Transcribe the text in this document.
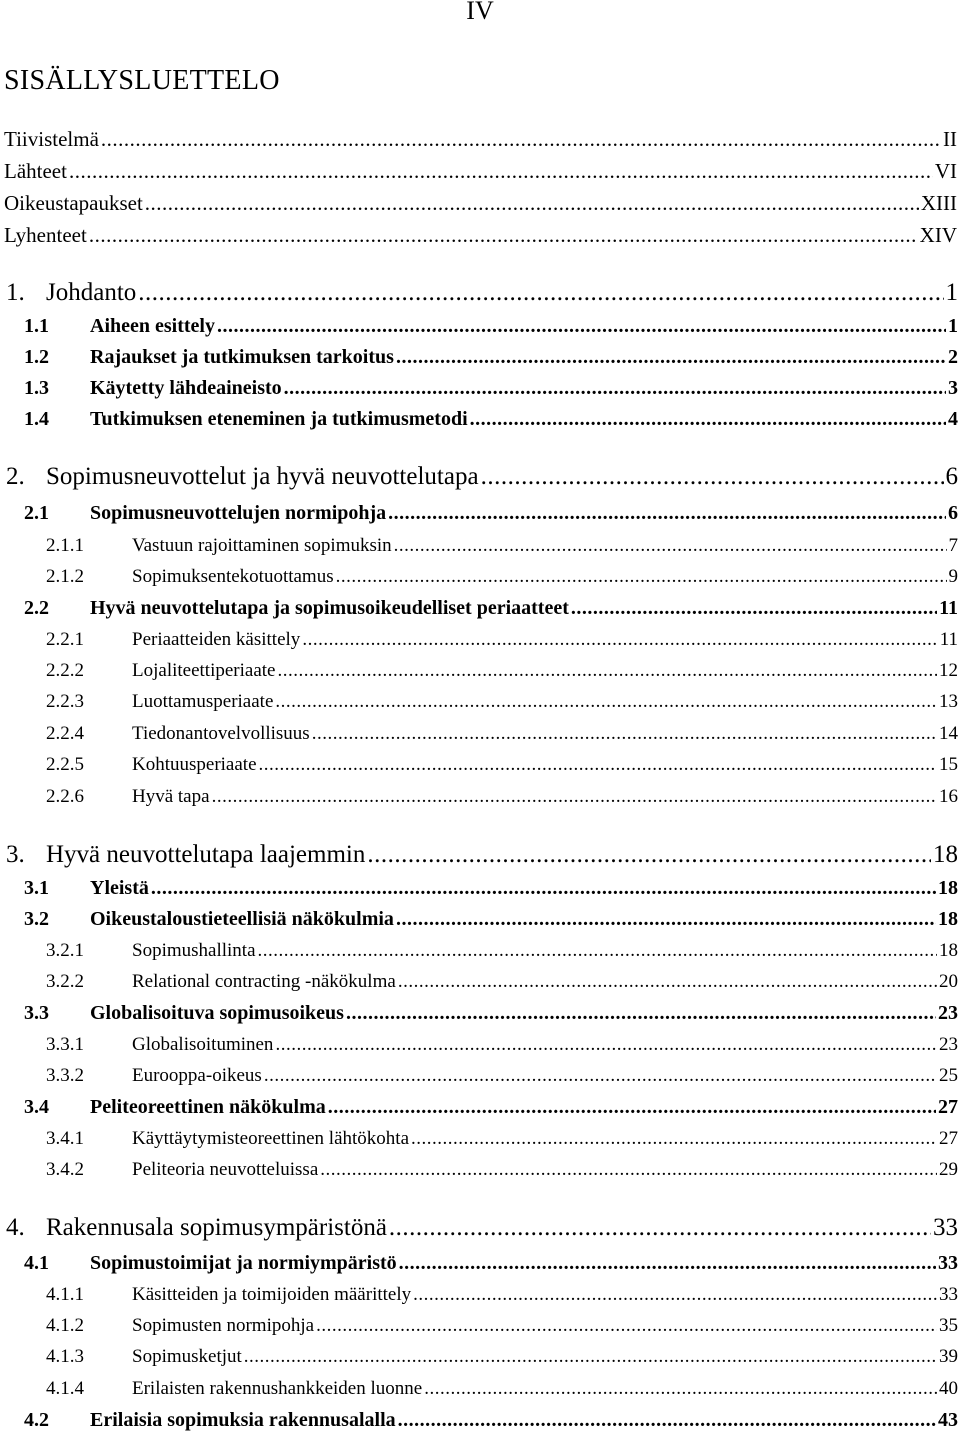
IV
SISÄLLYSLUETTELO
Tiivistelmä .....	II
Lähteet .....	VI
Oikeustapaukset .....	XIII
Lyhenteet .....	XIV
1. Johdanto .....	1
1.1	Aiheen esittely .....	1
1.2	Rajaukset ja tutkimuksen tarkoitus .....	2
1.3	Käytetty lähdeaineisto .....	3
1.4	Tutkimuksen eteneminen ja tutkimusmetodi .....	4
2. Sopimusneuvottelut ja hyvä neuvottelutapa .....	6
2.1	Sopimusneuvottelujen normipohja .....	6
2.1.1	Vastuun rajoittaminen sopimuksin .....	7
2.1.2	Sopimuksentekotuottamus .....	9
2.2	Hyvä neuvottelutapa ja sopimusoikeudelliset periaatteet .....	11
2.2.1	Periaatteiden käsittely .....	11
2.2.2	Lojaliteettiperiaate .....	12
2.2.3	Luottamusperiaate .....	13
2.2.4	Tiedonantovelvollisuus .....	14
2.2.5	Kohtuusperiaate .....	15
2.2.6	Hyvä tapa .....	16
3. Hyvä neuvottelutapa laajemmin .....	18
3.1	Yleistä .....	18
3.2	Oikeustaloustieteellisiä näkökulmia .....	18
3.2.1	Sopimushallinta .....	18
3.2.2	Relational contracting -näkökulma .....	20
3.3	Globalisoituva sopimusoikeus .....	23
3.3.1	Globalisoituminen .....	23
3.3.2	Eurooppa-oikeus .....	25
3.4	Peliteoreettinen näkökulma .....	27
3.4.1	Käyttäytymisteoreettinen lähtökohta .....	27
3.4.2	Peliteoria neuvotteluissa .....	29
4. Rakennusala sopimusympäristönä .....	33
4.1	Sopimustoimijat ja normiympäristö .....	33
4.1.1	Käsitteiden ja toimijoiden määrittely .....	33
4.1.2	Sopimusten normipohja .....	35
4.1.3	Sopimusketjut .....	39
4.1.4	Erilaisten rakennushankkeiden luonne .....	40
4.2	Erilaisia sopimuksia rakennusalalla .....	43
